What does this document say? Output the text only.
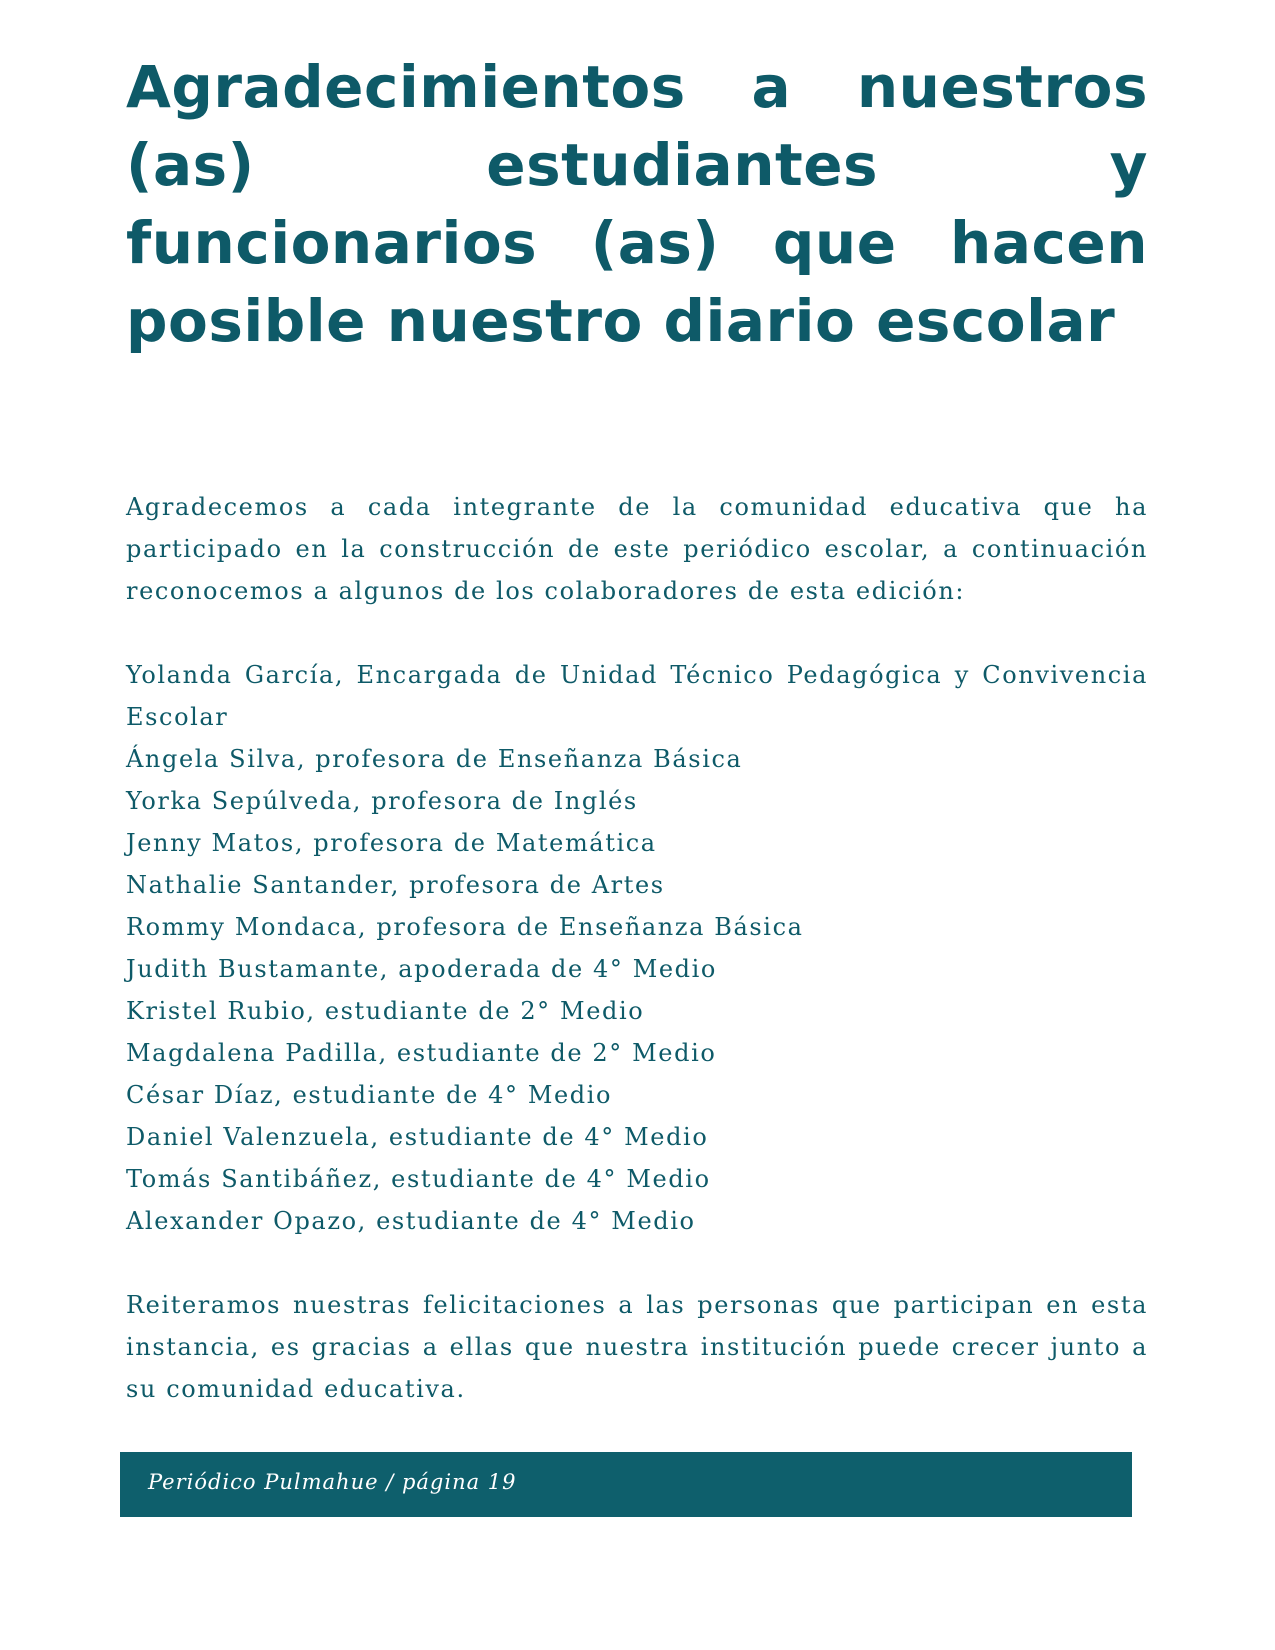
Agradecimientos a nuestros (as) estudiantes y funcionarios (as) que hacen posible nuestro diario escolar

Agradecemos a cada integrante de la comunidad educativa que ha participado en la construcción de este periódico escolar, a continuación reconocemos a algunos de los colaboradores de esta edición:

Yolanda García, Encargada de Unidad Técnico Pedagógica y Convivencia Escolar
Ángela Silva, profesora de Enseñanza Básica
Yorka Sepúlveda, profesora de Inglés
Jenny Matos, profesora de Matemática
Nathalie Santander, profesora de Artes
Rommy Mondaca, profesora de Enseñanza Básica
Judith Bustamante, apoderada de 4° Medio
Kristel Rubio, estudiante de 2° Medio
Magdalena Padilla, estudiante de 2° Medio
César Díaz, estudiante de 4° Medio
Daniel Valenzuela, estudiante de 4° Medio
Tomás Santibáñez, estudiante de 4° Medio
Alexander Opazo, estudiante de 4° Medio

Reiteramos nuestras felicitaciones a las personas que participan en esta instancia, es gracias a ellas que nuestra institución puede crecer junto a su comunidad educativa.

Periódico Pulmahue / página 19
